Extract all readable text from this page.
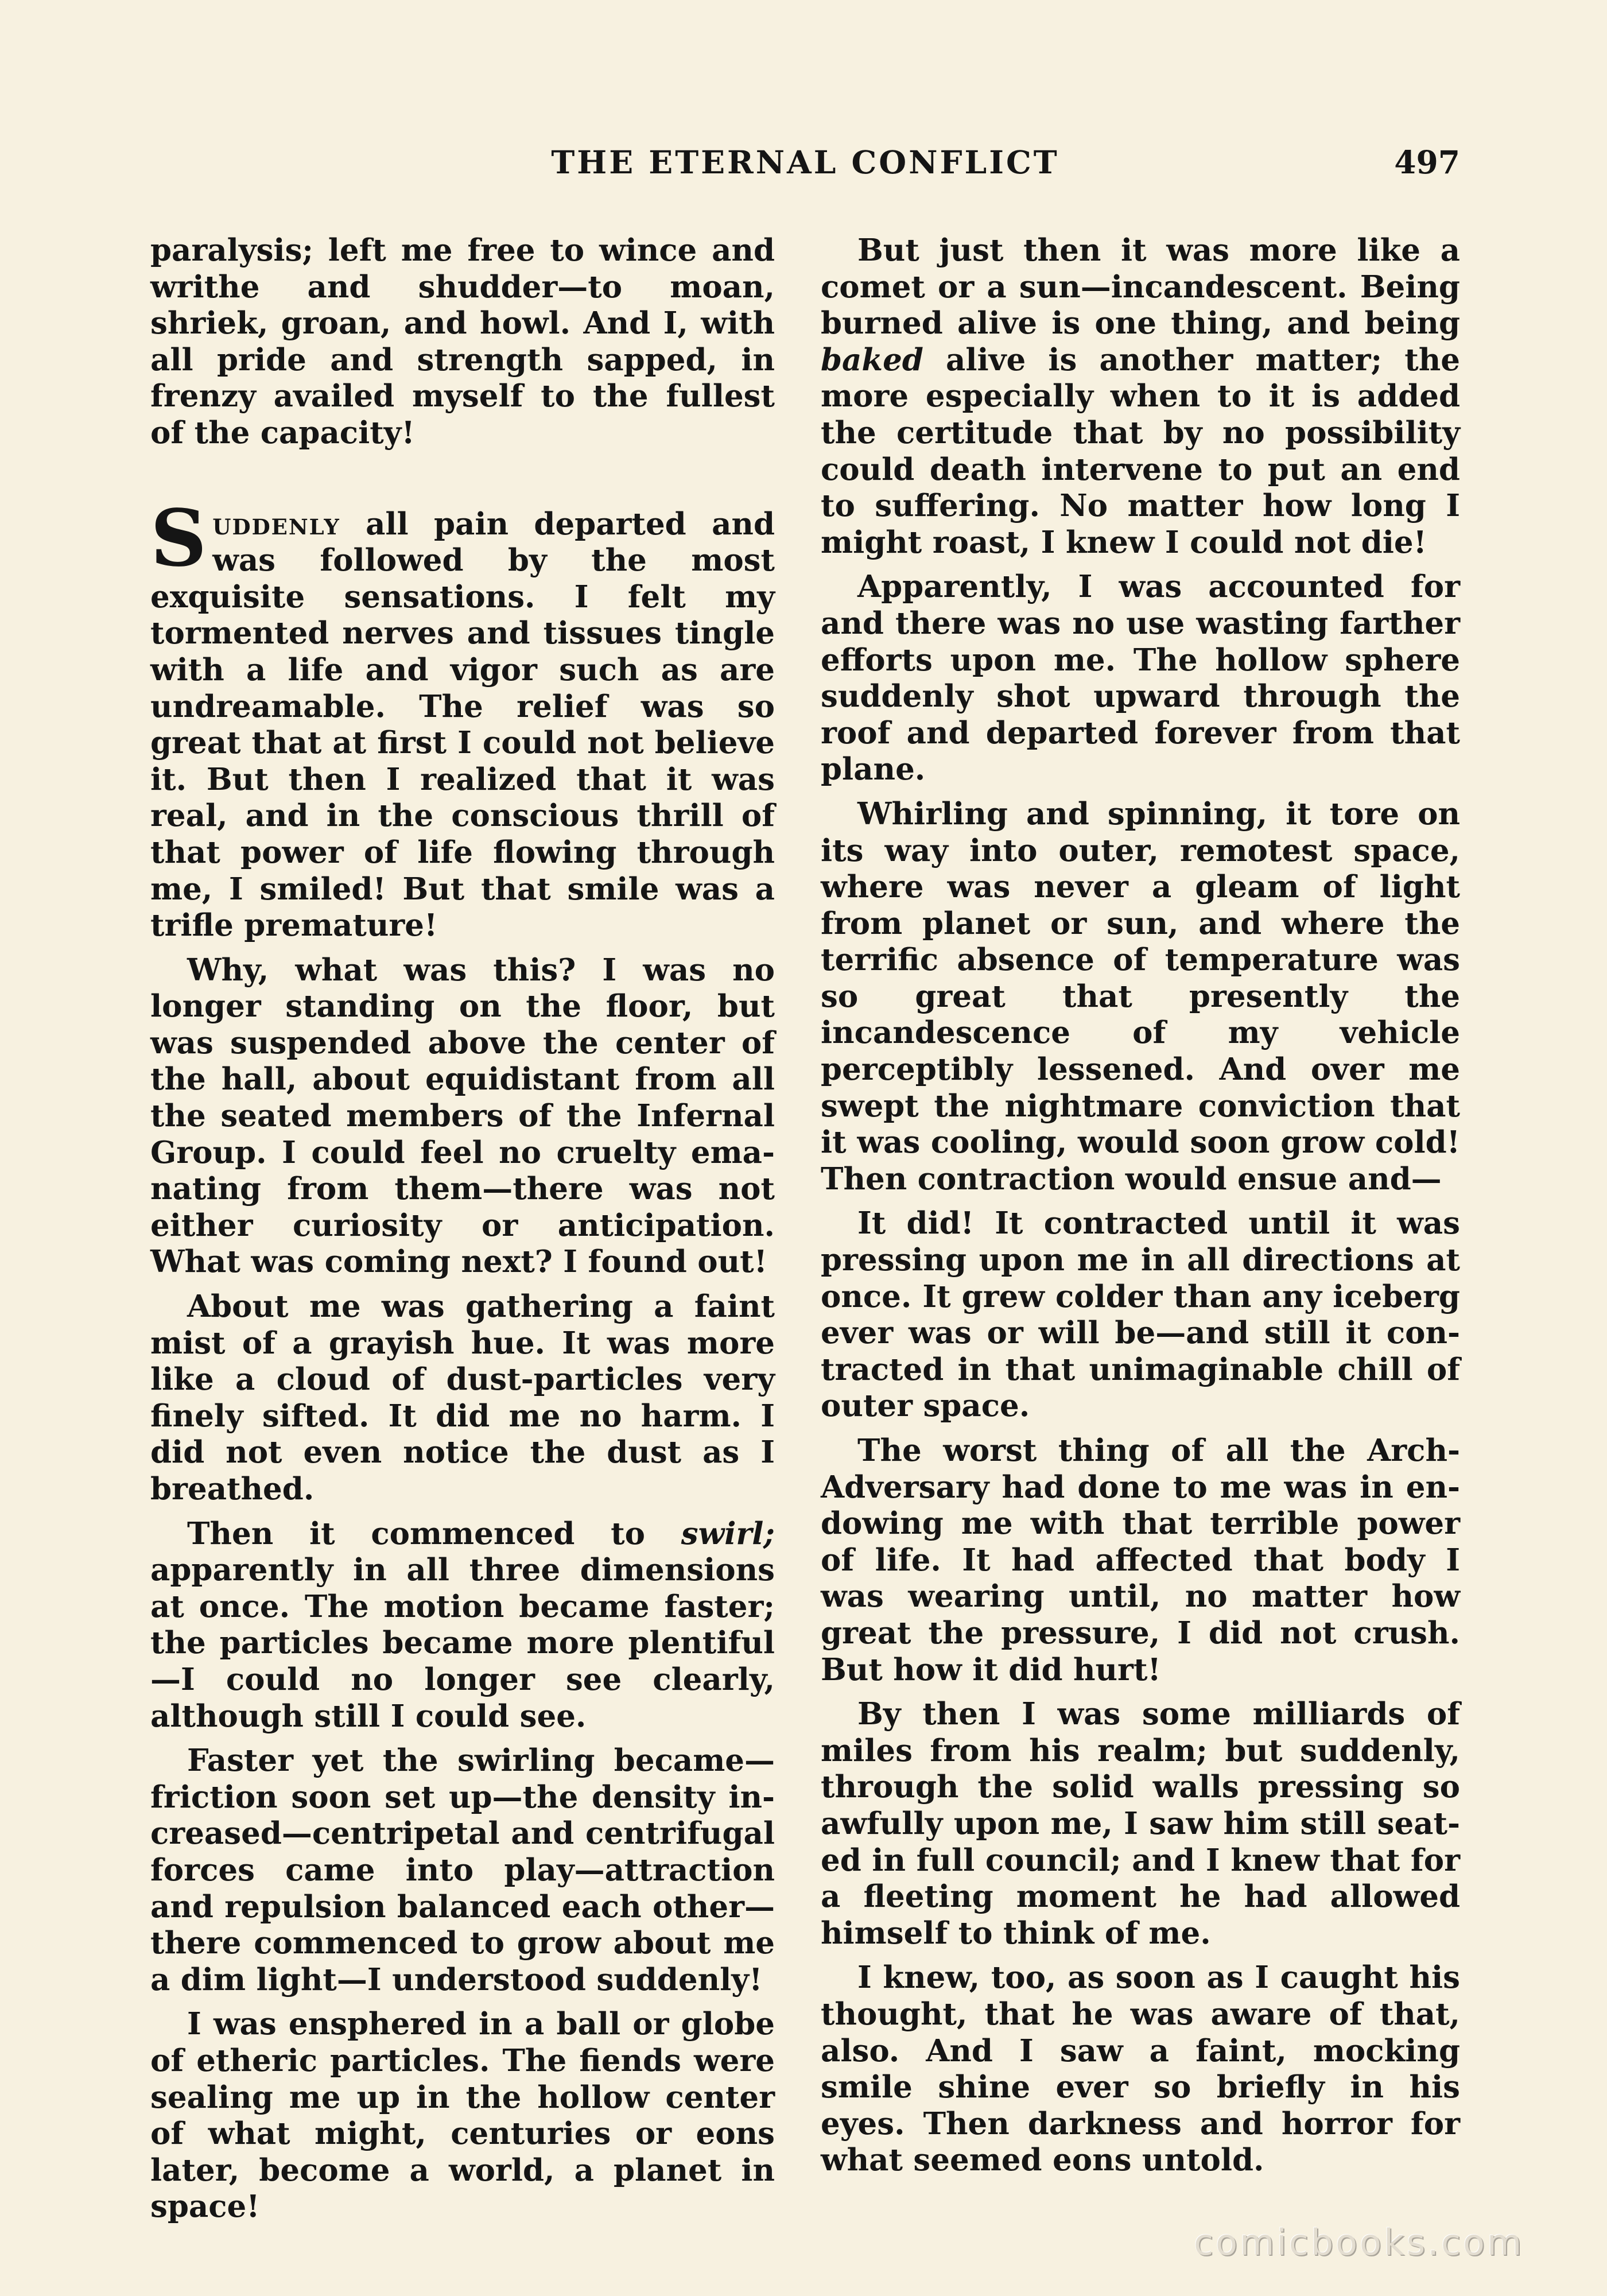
THE ETERNAL CONFLICT	497

paralysis; left me free to wince and writhe and shudder—to moan, shriek, groan, and howl. And I, with all pride and strength sapped, in frenzy availed myself to the fullest of the capacity!

Suddenly all pain departed and was followed by the most exquisite sensations. I felt my tormented nerves and tissues tingle with a life and vigor such as are undreamable. The relief was so great that at first I could not believe it. But then I realized that it was real, and in the conscious thrill of that power of life flowing through me, I smiled! But that smile was a trifle premature!

Why, what was this? I was no longer standing on the floor, but was suspended above the center of the hall, about equidistant from all the seated members of the Infernal Group. I could feel no cruelty emanating from them—there was not either curiosity or anticipation. What was coming next? I found out!

About me was gathering a faint mist of a grayish hue. It was more like a cloud of dust-particles very finely sifted. It did me no harm. I did not even notice the dust as I breathed.

Then it commenced to swirl; apparently in all three dimensions at once. The motion became faster; the particles became more plentiful—I could no longer see clearly, although still I could see.

Faster yet the swirling became—friction soon set up—the density increased—centripetal and centrifugal forces came into play—attraction and repulsion balanced each other—there commenced to grow about me a dim light—I understood suddenly!

I was ensphered in a ball or globe of etheric particles. The fiends were sealing me up in the hollow center of what might, centuries or eons later, become a world, a planet in space!

But just then it was more like a comet or a sun—incandescent. Being burned alive is one thing, and being baked alive is another matter; the more especially when to it is added the certitude that by no possibility could death intervene to put an end to suffering. No matter how long I might roast, I knew I could not die!

Apparently, I was accounted for and there was no use wasting farther efforts upon me. The hollow sphere suddenly shot upward through the roof and departed forever from that plane.

Whirling and spinning, it tore on its way into outer, remotest space, where was never a gleam of light from planet or sun, and where the terrific absence of temperature was so great that presently the incandescence of my vehicle perceptibly lessened. And over me swept the nightmare conviction that it was cooling, would soon grow cold! Then contraction would ensue and—

It did! It contracted until it was pressing upon me in all directions at once. It grew colder than any iceberg ever was or will be—and still it contracted in that unimaginable chill of outer space.

The worst thing of all the Arch-Adversary had done to me was in endowing me with that terrible power of life. It had affected that body I was wearing until, no matter how great the pressure, I did not crush. But how it did hurt!

By then I was some milliards of miles from his realm; but suddenly, through the solid walls pressing so awfully upon me, I saw him still seated in full council; and I knew that for a fleeting moment he had allowed himself to think of me.

I knew, too, as soon as I caught his thought, that he was aware of that, also. And I saw a faint, mocking smile shine ever so briefly in his eyes. Then darkness and horror for what seemed eons untold.

comicbooks.com
